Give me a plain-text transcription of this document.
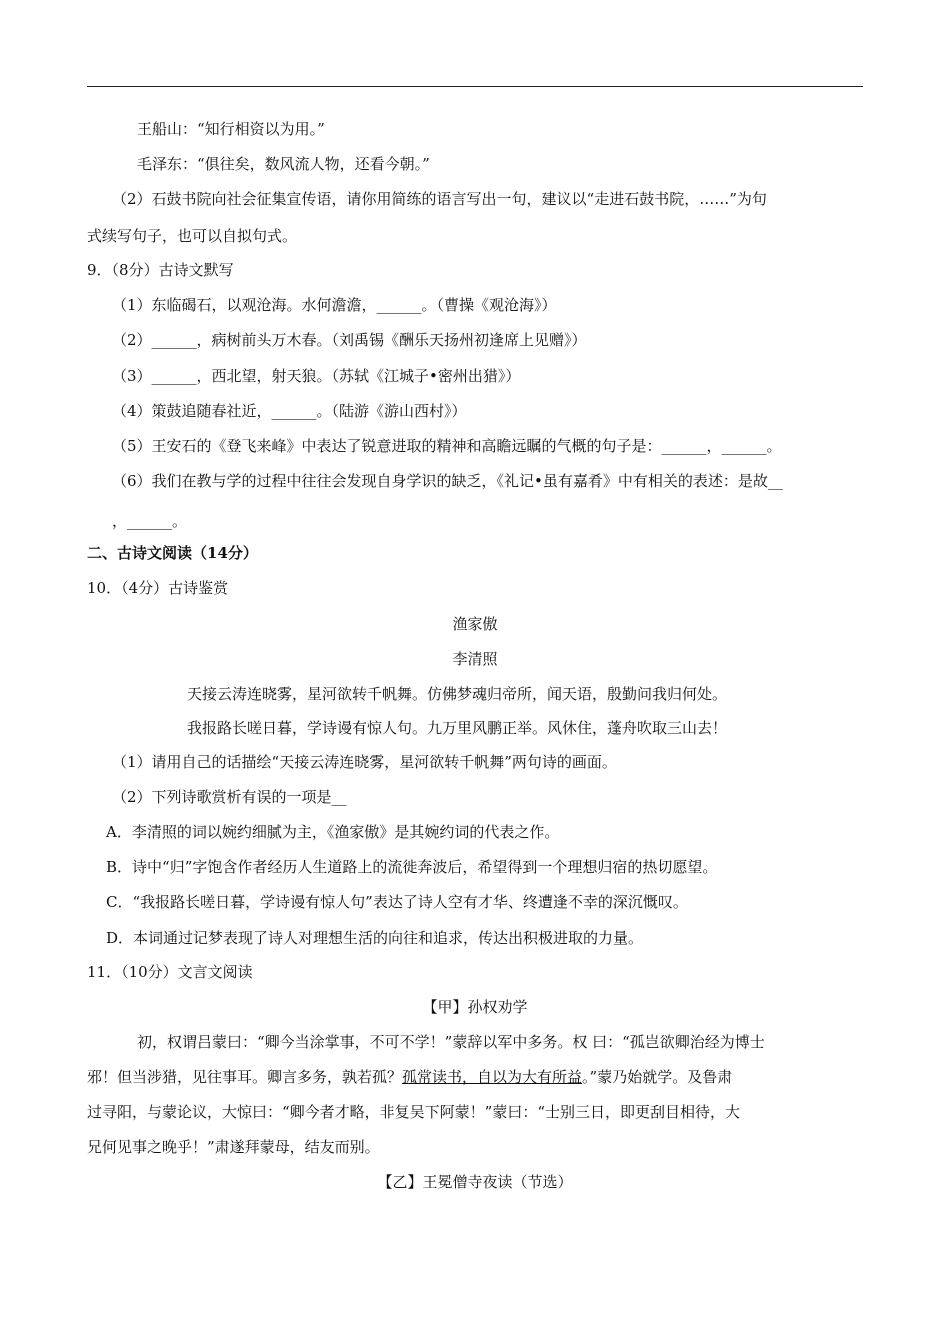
王船山：“知行相资以为用。”
毛泽东：“俱往矣，数风流人物，还看今朝。”
（2）石鼓书院向社会征集宣传语，请你用简练的语言写出一句，建议以“走进石鼓书院，……”为句
式续写句子，也可以自拟句式。
9．（8分）古诗文默写
（1）东临碣石，以观沧海。水何澹澹，______。（曹操《观沧海》）
（2）______，病树前头万木春。（刘禹锡《酬乐天扬州初逢席上见赠》）
（3）______，西北望，射天狼。（苏轼《江城子•密州出猎》）
（4）策鼓追随春社近，______。（陆游《游山西村》）
（5）王安石的《登飞来峰》中表达了锐意进取的精神和高瞻远瞩的气概的句子是：______，______。
（6）我们在教与学的过程中往往会发现自身学识的缺乏，《礼记•虽有嘉肴》中有相关的表述：是故__
，______。
二、古诗文阅读（14分）
10．（4分）古诗鉴赏
渔家傲
李清照
天接云涛连晓雾，星河欲转千帆舞。仿佛梦魂归帝所，闻天语，殷勤问我归何处。
我报路长嗟日暮，学诗谩有惊人句。九万里风鹏正举。风休住，蓬舟吹取三山去！
（1）请用自己的话描绘“天接云涛连晓雾，星河欲转千帆舞”两句诗的画面。
（2）下列诗歌赏析有误的一项是__
A．李清照的词以婉约细腻为主，《渔家傲》是其婉约词的代表之作。
B．诗中“归”字饱含作者经历人生道路上的流徙奔波后，希望得到一个理想归宿的热切愿望。
C．“我报路长嗟日暮，学诗谩有惊人句”表达了诗人空有才华、终遭逢不幸的深沉慨叹。
D．本词通过记梦表现了诗人对理想生活的向往和追求，传达出积极进取的力量。
11．（10分）文言文阅读
【甲】孙权劝学
初，权谓吕蒙曰：“卿今当涂掌事，不可不学！”蒙辞以军中多务。权 曰：“孤岂欲卿治经为博士
邪！但当涉猎，见往事耳。卿言多务，孰若孤？孤常读书，自以为大有所益。”蒙乃始就学。及鲁肃
过寻阳，与蒙论议，大惊曰：“卿今者才略，非复吴下阿蒙！”蒙曰：“士别三日，即更刮目相待，大
兄何见事之晚乎！”肃遂拜蒙母，结友而别。
【乙】王冕僧寺夜读（节选）
